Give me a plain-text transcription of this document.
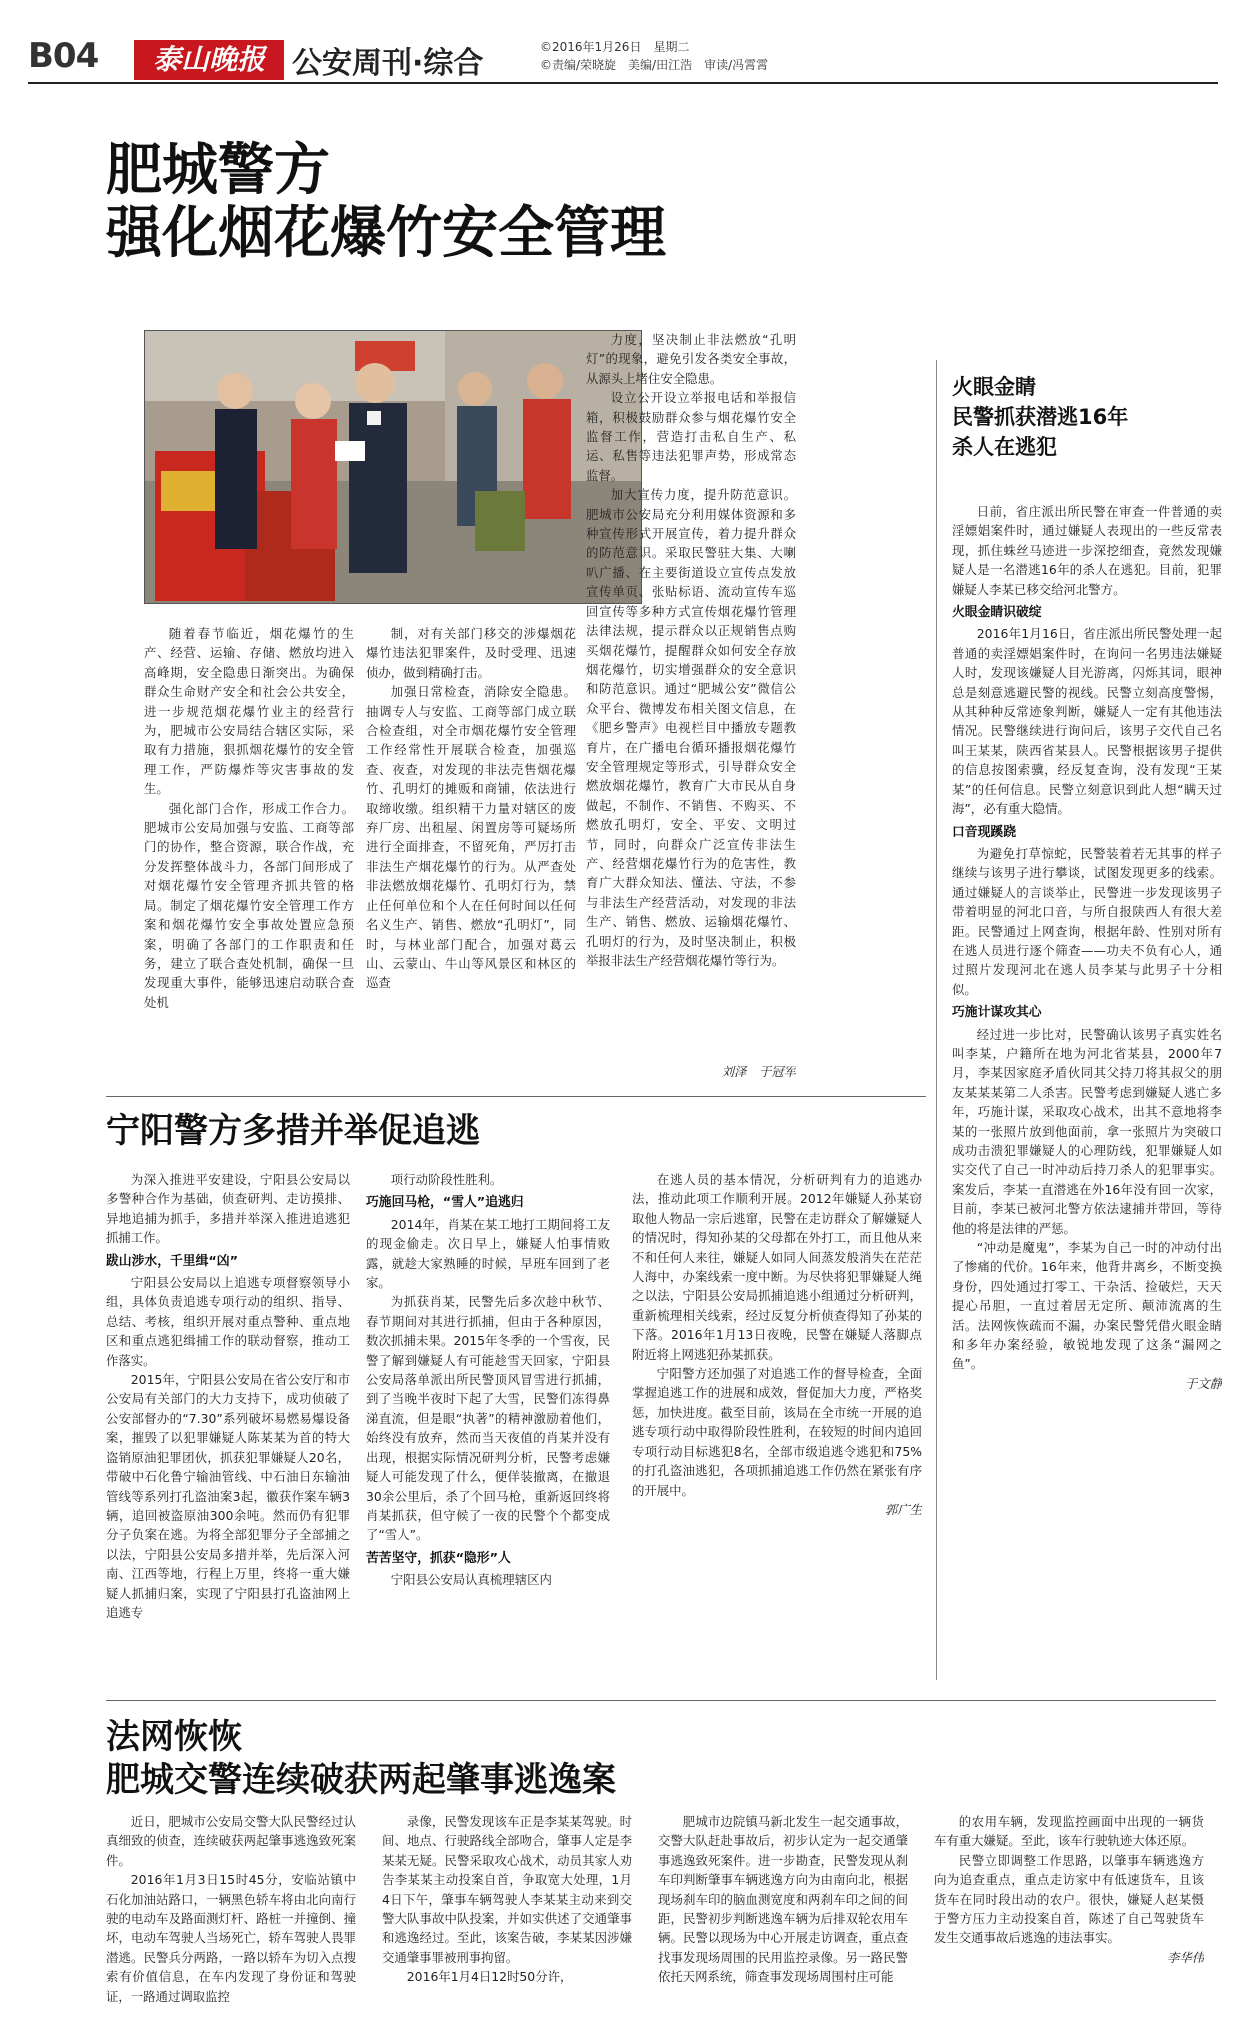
B04	泰山晚报 公安周刊·综合	©2016年1月26日　星期二
©责编/荣晓旋　美编/田江浩　审读/冯霄霄
肥城警方
强化烟花爆竹安全管理

随着春节临近，烟花爆竹的生产、经营、运输、存储、燃放均进入高峰期，安全隐患日渐突出。为确保群众生命财产安全和社会公共安全，进一步规范烟花爆竹业主的经营行为，肥城市公安局结合辖区实际，采取有力措施，狠抓烟花爆竹的安全管理工作，严防爆炸等灾害事故的发生。

强化部门合作，形成工作合力。肥城市公安局加强与安监、工商等部门的协作，整合资源，联合作战，充分发挥整体战斗力，各部门间形成了对烟花爆竹安全管理齐抓共管的格局。制定了烟花爆竹安全管理工作方案和烟花爆竹安全事故处置应急预案，明确了各部门的工作职责和任务，建立了联合查处机制，确保一旦发现重大事件，能够迅速启动联合查处机

制，对有关部门移交的涉爆烟花爆竹违法犯罪案件，及时受理、迅速侦办，做到精确打击。

加强日常检查，消除安全隐患。抽调专人与安监、工商等部门成立联合检查组，对全市烟花爆竹安全管理工作经常性开展联合检查，加强巡查、夜查，对发现的非法売售烟花爆竹、孔明灯的摊贩和商铺，依法进行取缔收缴。组织精干力量对辖区的废弃厂房、出租屋、闲置房等可疑场所进行全面排查，不留死角，严厉打击非法生产烟花爆竹的行为。从严查处非法燃放烟花爆竹、孔明灯行为，禁止任何单位和个人在任何时间以任何名义生产、销售、燃放“孔明灯”，同时，与林业部门配合，加强对葛云山、云蒙山、牛山等风景区和林区的巡查

力度，坚决制止非法燃放“孔明灯”的现象，避免引发各类安全事故，从源头上堵住安全隐患。

设立公开设立举报电话和举报信箱，积极鼓励群众参与烟花爆竹安全监督工作，营造打击私自生产、私运、私售等违法犯罪声势，形成常态监督。

加大宣传力度，提升防范意识。肥城市公安局充分利用媒体资源和多种宣传形式开展宣传，着力提升群众的防范意识。采取民警驻大集、大喇叭广播、在主要街道设立宣传点发放宣传单页、张贴标语、流动宣传车巡回宣传等多种方式宣传烟花爆竹管理法律法规，提示群众以正规销售点购买烟花爆竹，提醒群众如何安全存放烟花爆竹，切实增强群众的安全意识和防范意识。通过“肥城公安”微信公众平台、微博发布相关图文信息，在《肥乡警声》电视栏目中播放专题教育片，在广播电台循环播报烟花爆竹安全管理规定等形式，引导群众安全燃放烟花爆竹，教育广大市民从自身做起，不制作、不销售、不购买、不燃放孔明灯，安全、平安、文明过节，同时，向群众广泛宣传非法生产、经营烟花爆竹行为的危害性，教育广大群众知法、懂法、守法，不参与非法生产经营活动，对发现的非法生产、销售、燃放、运输烟花爆竹、孔明灯的行为，及时坚决制止，积极举报非法生产经营烟花爆竹等行为。

刘泽　于冠军

火眼金睛
民警抓获潜逃16年
杀人在逃犯

日前，省庄派出所民警在审查一件普通的卖淫嫖娼案件时，通过嫌疑人表现出的一些反常表现，抓住蛛丝马迹进一步深挖细查，竟然发现嫌疑人是一名潜逃16年的杀人在逃犯。目前，犯罪嫌疑人李某已移交给河北警方。

火眼金睛识破绽

2016年1月16日，省庄派出所民警处理一起普通的卖淫嫖娼案件时，在询问一名男违法嫌疑人时，发现该嫌疑人目光游离，闪烁其词，眼神总是刻意逃避民警的视线。民警立刻高度警惕，从其种种反常迹象判断，嫌疑人一定有其他违法情况。民警继续进行询问后，该男子交代自己名叫王某某，陕西省某县人。民警根据该男子提供的信息按图索骥，经反复查询，没有发现“王某某”的任何信息。民警立刻意识到此人想“瞒天过海”，必有重大隐情。

口音现蹊跷

为避免打草惊蛇，民警装着若无其事的样子继续与该男子进行攀谈，试图发现更多的线索。通过嫌疑人的言谈举止，民警进一步发现该男子带着明显的河北口音，与所自报陕西人有很大差距。民警通过上网查询，根据年龄、性别对所有在逃人员进行逐个筛查——功夫不负有心人，通过照片发现河北在逃人员李某与此男子十分相似。

巧施计谋攻其心

经过进一步比对，民警确认该男子真实姓名叫李某，户籍所在地为河北省某县，2000年7月，李某因家庭矛盾伙同其父持刀将其叔父的朋友某某某第二人杀害。民警考虑到嫌疑人逃亡多年，巧施计谋，采取攻心战术，出其不意地将李某的一张照片放到他面前，拿一张照片为突破口成功击溃犯罪嫌疑人的心理防线，犯罪嫌疑人如实交代了自己一时冲动后持刀杀人的犯罪事实。案发后，李某一直潜逃在外16年没有回一次家，目前，李某已被河北警方依法逮捕并带回，等待他的将是法律的严惩。

“冲动是魔鬼”，李某为自己一时的冲动付出了惨痛的代价。16年来，他背井离乡，不断变换身份，四处通过打零工、干杂活、捡破烂，天天提心吊胆，一直过着居无定所、颠沛流离的生活。法网恢恢疏而不漏，办案民警凭借火眼金睛和多年办案经验，敏锐地发现了这条“漏网之鱼”。

于文静

宁阳警方多措并举促追逃

为深入推进平安建设，宁阳县公安局以多警种合作为基础，侦查研判、走访摸排、异地追捕为抓手，多措并举深入推进追逃犯抓捕工作。

跋山涉水，千里缉“凶”

宁阳县公安局以上追逃专项督察领导小组，具体负责追逃专项行动的组织、指导、总结、考核，组织开展对重点警种、重点地区和重点逃犯缉捕工作的联动督察，推动工作落实。

2015年，宁阳县公安局在省公安厅和市公安局有关部门的大力支持下，成功侦破了公安部督办的“7.30”系列破坏易燃易爆设备案，摧毁了以犯罪嫌疑人陈某某为首的特大盗销原油犯罪团伙，抓获犯罪嫌疑人20名，带破中石化鲁宁输油管线、中石油日东输油管线等系列打孔盗油案3起，徽获作案车辆3辆，追回被盗原油300余吨。然而仍有犯罪分子负案在逃。为将全部犯罪分子全部捕之以法，宁阳县公安局多措并举，先后深入河南、江西等地，行程上万里，终将一重大嫌疑人抓捕归案，实现了宁阳县打孔盗油网上追逃专

项行动阶段性胜利。

巧施回马枪，“雪人”追逃归

2014年，肖某在某工地打工期间将工友的现金偷走。次日早上，嫌疑人怕事情败露，就趁大家熟睡的时候，早班车回到了老家。

为抓获肖某，民警先后多次趁中秋节、春节期间对其进行抓捕，但由于各种原因，数次抓捕未果。2015年冬季的一个雪夜，民警了解到嫌疑人有可能趁雪天回家，宁阳县公安局落单派出所民警顶风冒雪进行抓捕，到了当晚半夜时下起了大雪，民警们冻得鼻涕直流，但是眼“执著”的精神激励着他们，始终没有放弃，然而当天夜值的肖某并没有出现，根据实际情况研判分析，民警考虑嫌疑人可能发现了什么，便佯装撤离，在撤退30余公里后，杀了个回马枪，重新返回终将肖某抓获，但守候了一夜的民警个个都变成了“雪人”。

苦苦坚守，抓获“隐形”人

宁阳县公安局认真梳理辖区内

在逃人员的基本情况，分析研判有力的追逃办法，推动此项工作顺利开展。2012年嫌疑人孙某窃取他人物品一宗后逃窜，民警在走访群众了解嫌疑人的情况时，得知孙某的父母都在外打工，而且他从来不和任何人来往，嫌疑人如同人间蒸发般消失在茫茫人海中，办案线索一度中断。为尽快将犯罪嫌疑人绳之以法，宁阳县公安局抓捕追逃小组通过分析研判，重新梳理相关线索，经过反复分析侦查得知了孙某的下落。2016年1月13日夜晚，民警在嫌疑人落脚点附近将上网逃犯孙某抓获。

宁阳警方还加强了对追逃工作的督导检查，全面掌握追逃工作的进展和成效，督促加大力度，严格奖惩，加快进度。截至目前，该局在全市统一开展的追逃专项行动中取得阶段性胜利，在较短的时间内追回专项行动目标逃犯8名，全部市级追逃令逃犯和75%的打孔盗油逃犯，各项抓捕追逃工作仍然在紧张有序的开展中。

郭广生

法网恢恢
肥城交警连续破获两起肇事逃逸案

近日，肥城市公安局交警大队民警经过认真细致的侦查，连续破获两起肇事逃逸致死案件。

2016年1月3日15时45分，安临站镇中石化加油站路口，一辆黑色轿车将由北向南行驶的电动车及路面测灯杆、路桩一并撞倒、撞坏，电动车驾驶人当场死亡，轿车驾驶人畏罪潜逃。民警兵分两路，一路以轿车为切入点搜索有价值信息，在车内发现了身份证和驾驶证，一路通过调取监控

录像，民警发现该车正是李某某驾驶。时间、地点、行驶路线全部吻合，肇事人定是李某某无疑。民警采取攻心战术，动员其家人劝告李某某主动投案自首，争取宽大处理，1月4日下午，肇事车辆驾驶人李某某主动来到交警大队事故中队投案，并如实供述了交通肇事和逃逸经过。至此，该案告破，李某某因涉嫌交通肇事罪被刑事拘留。

2016年1月4日12时50分许，

肥城市边院镇马新北发生一起交通事故，交警大队赶赴事故后，初步认定为一起交通肇事逃逸致死案件。进一步勘查，民警发现从刹车印判断肇事车辆逃逸方向为由南向北，根据现场刹车印的脑血测宽度和两刹车印之间的间距，民警初步判断逃逸车辆为后排双轮农用车辆。民警以现场为中心开展走访调查，重点查找事发现场周围的民用监控录像。另一路民警依托天网系统，筛查事发现场周围村庄可能

的农用车辆，发现监控画面中出现的一辆货车有重大嫌疑。至此，该车行驶轨迹大体还原。

民警立即调整工作思路，以肇事车辆逃逸方向为追查重点，重点走访家中有低速货车，且该货车在同时段出动的农户。很快，嫌疑人赵某慑于警方压力主动投案自首，陈述了自己驾驶货车发生交通事故后逃逸的违法事实。

李华伟
